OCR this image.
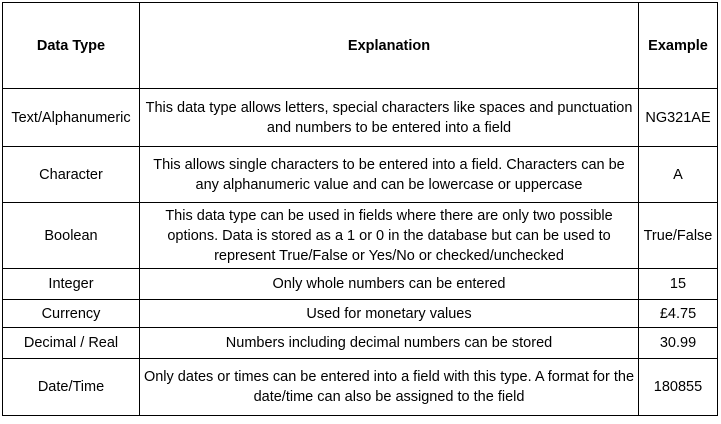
Data Type	Explanation	Example
Text/Alphanumeric	This data type allows letters, special characters like spaces and punctuation and numbers to be entered into a field	NG321AE
Character	This allows single characters to be entered into a field. Characters can be any alphanumeric value and can be lowercase or uppercase	A
Boolean	This data type can be used in fields where there are only two possible options. Data is stored as a 1 or 0 in the database but can be used to represent True/False or Yes/No or checked/unchecked	True/False
Integer	Only whole numbers can be entered	15
Currency	Used for monetary values	£4.75
Decimal / Real	Numbers including decimal numbers can be stored	30.99
Date/Time	Only dates or times can be entered into a field with this type. A format for the date/time can also be assigned to the field	180855
